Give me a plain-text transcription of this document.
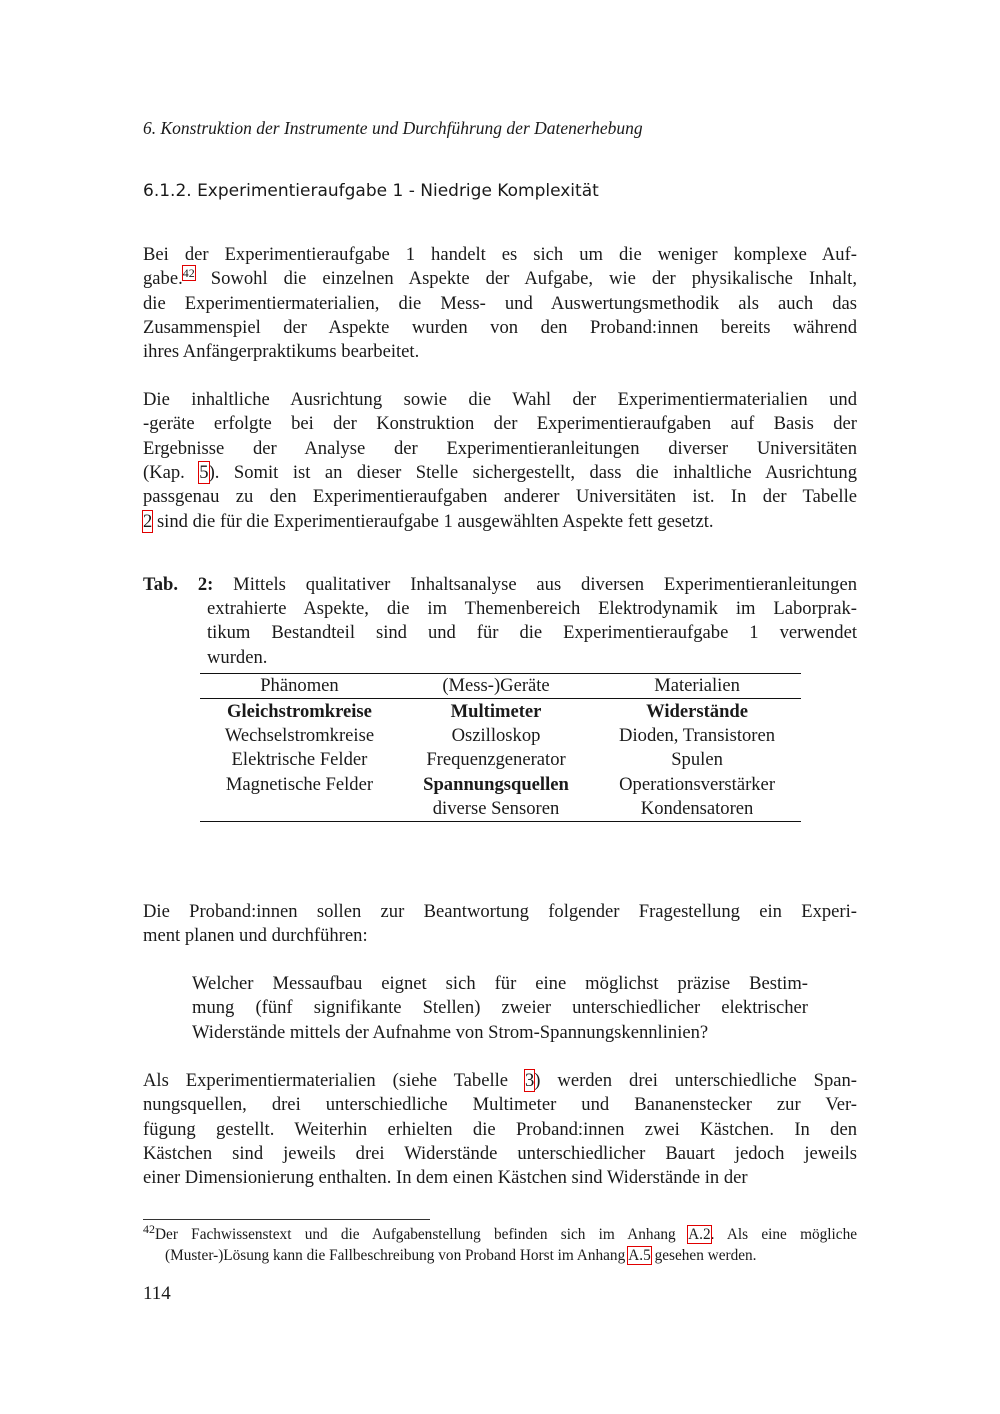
6. Konstruktion der Instrumente und Durchführung der Datenerhebung
6.1.2. Experimentieraufgabe 1 - Niedrige Komplexität
Bei der Experimentieraufgabe 1 handelt es sich um die weniger komplexe Auf-
gabe.$^{42}$ Sowohl die einzelnen Aspekte der Aufgabe, wie der physikalische Inhalt,
die Experimentiermaterialien, die Mess- und Auswertungsmethodik als auch das
Zusammenspiel der Aspekte wurden von den Proband:innen bereits während
ihres Anfängerpraktikums bearbeitet.
Die inhaltliche Ausrichtung sowie die Wahl der Experimentiermaterialien und
-geräte erfolgte bei der Konstruktion der Experimentieraufgaben auf Basis der
Ergebnisse der Analyse der Experimentieranleitungen diverser Universitäten
(Kap. 5). Somit ist an dieser Stelle sichergestellt, dass die inhaltliche Ausrichtung
passgenau zu den Experimentieraufgaben anderer Universitäten ist. In der Tabelle
2 sind die für die Experimentieraufgabe 1 ausgewählten Aspekte fett gesetzt.
Tab. 2: Mittels qualitativer Inhaltsanalyse aus diversen Experimentieranleitungen
extrahierte Aspekte, die im Themenbereich Elektrodynamik im Laborprak-
tikum Bestandteil sind und für die Experimentieraufgabe 1 verwendet
wurden.
Die Proband:innen sollen zur Beantwortung folgender Fragestellung ein Experi-
ment planen und durchführen:
Welcher Messaufbau eignet sich für eine möglichst präzise Bestim-
mung (fünf signifikante Stellen) zweier unterschiedlicher elektrischer
Widerstände mittels der Aufnahme von Strom-Spannungskennlinien?
Als Experimentiermaterialien (siehe Tabelle 3) werden drei unterschiedliche Span-
nungsquellen, drei unterschiedliche Multimeter und Bananenstecker zur Ver-
fügung gestellt. Weiterhin erhielten die Proband:innen zwei Kästchen. In den
Kästchen sind jeweils drei Widerstände unterschiedlicher Bauart jedoch jeweils
einer Dimensionierung enthalten. In dem einen Kästchen sind Widerstände in der
Phänomen	(Mess-)Geräte	Materialien
Gleichstromkreise	Multimeter	Widerstände
Wechselstromkreise	Oszilloskop	Dioden, Transistoren
Elektrische Felder	Frequenzgenerator	Spulen
Magnetische Felder	Spannungsquellen	Operationsverstärker
	diverse Sensoren	Kondensatoren
$^{42}$Der Fachwissenstext und die Aufgabenstellung befinden sich im Anhang A.2. Als eine mögliche
(Muster-)Lösung kann die Fallbeschreibung von Proband Horst im Anhang A.5 gesehen werden.
114
